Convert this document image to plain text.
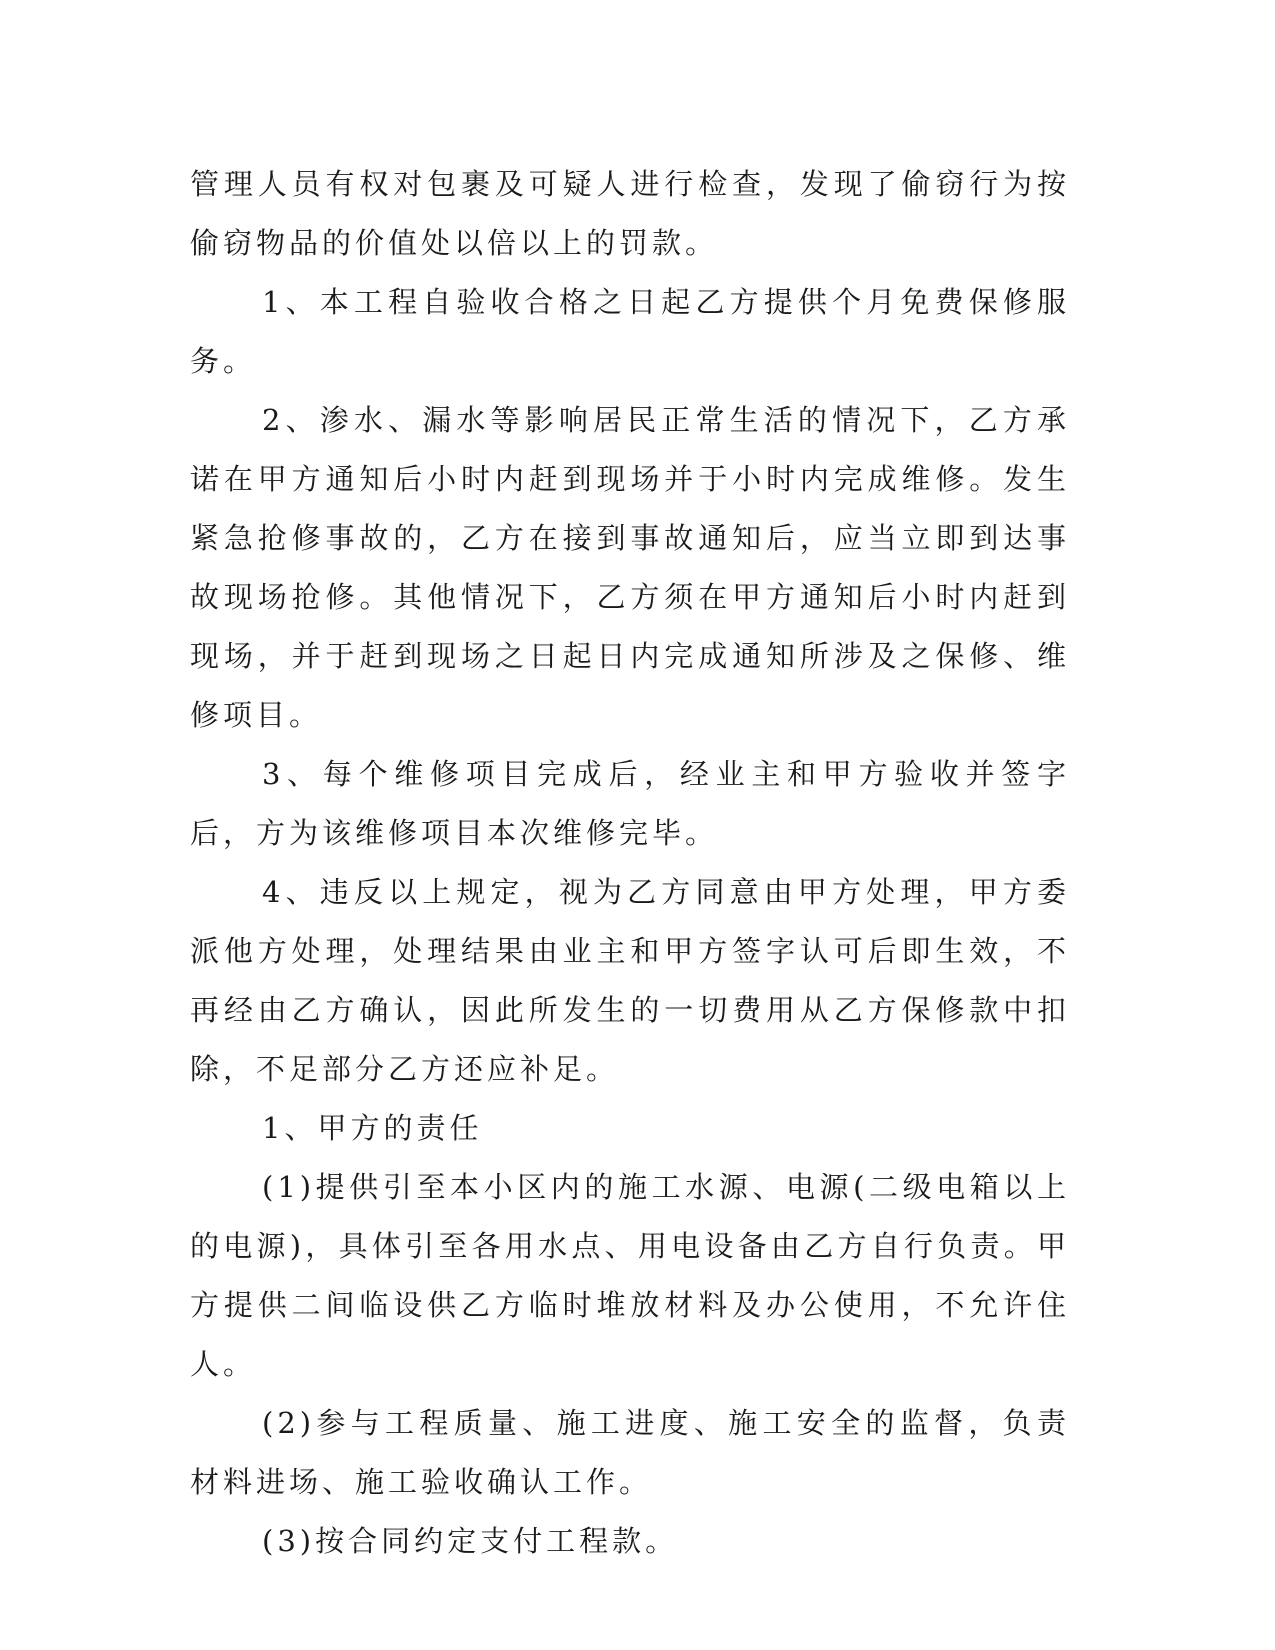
管理人员有权对包裹及可疑人进行检查，发现了偷窃行为按偷窃物品的价值处以倍以上的罚款。

1、本工程自验收合格之日起乙方提供个月免费保修服务。

2、渗水、漏水等影响居民正常生活的情况下，乙方承诺在甲方通知后小时内赶到现场并于小时内完成维修。发生紧急抢修事故的，乙方在接到事故通知后，应当立即到达事故现场抢修。其他情况下，乙方须在甲方通知后小时内赶到现场，并于赶到现场之日起日内完成通知所涉及之保修、维修项目。

3、每个维修项目完成后，经业主和甲方验收并签字后，方为该维修项目本次维修完毕。

4、违反以上规定，视为乙方同意由甲方处理，甲方委派他方处理，处理结果由业主和甲方签字认可后即生效，不再经由乙方确认，因此所发生的一切费用从乙方保修款中扣除，不足部分乙方还应补足。

1、甲方的责任

(1)提供引至本小区内的施工水源、电源(二级电箱以上的电源)，具体引至各用水点、用电设备由乙方自行负责。甲方提供二间临设供乙方临时堆放材料及办公使用，不允许住人。

(2)参与工程质量、施工进度、施工安全的监督，负责材料进场、施工验收确认工作。

(3)按合同约定支付工程款。
